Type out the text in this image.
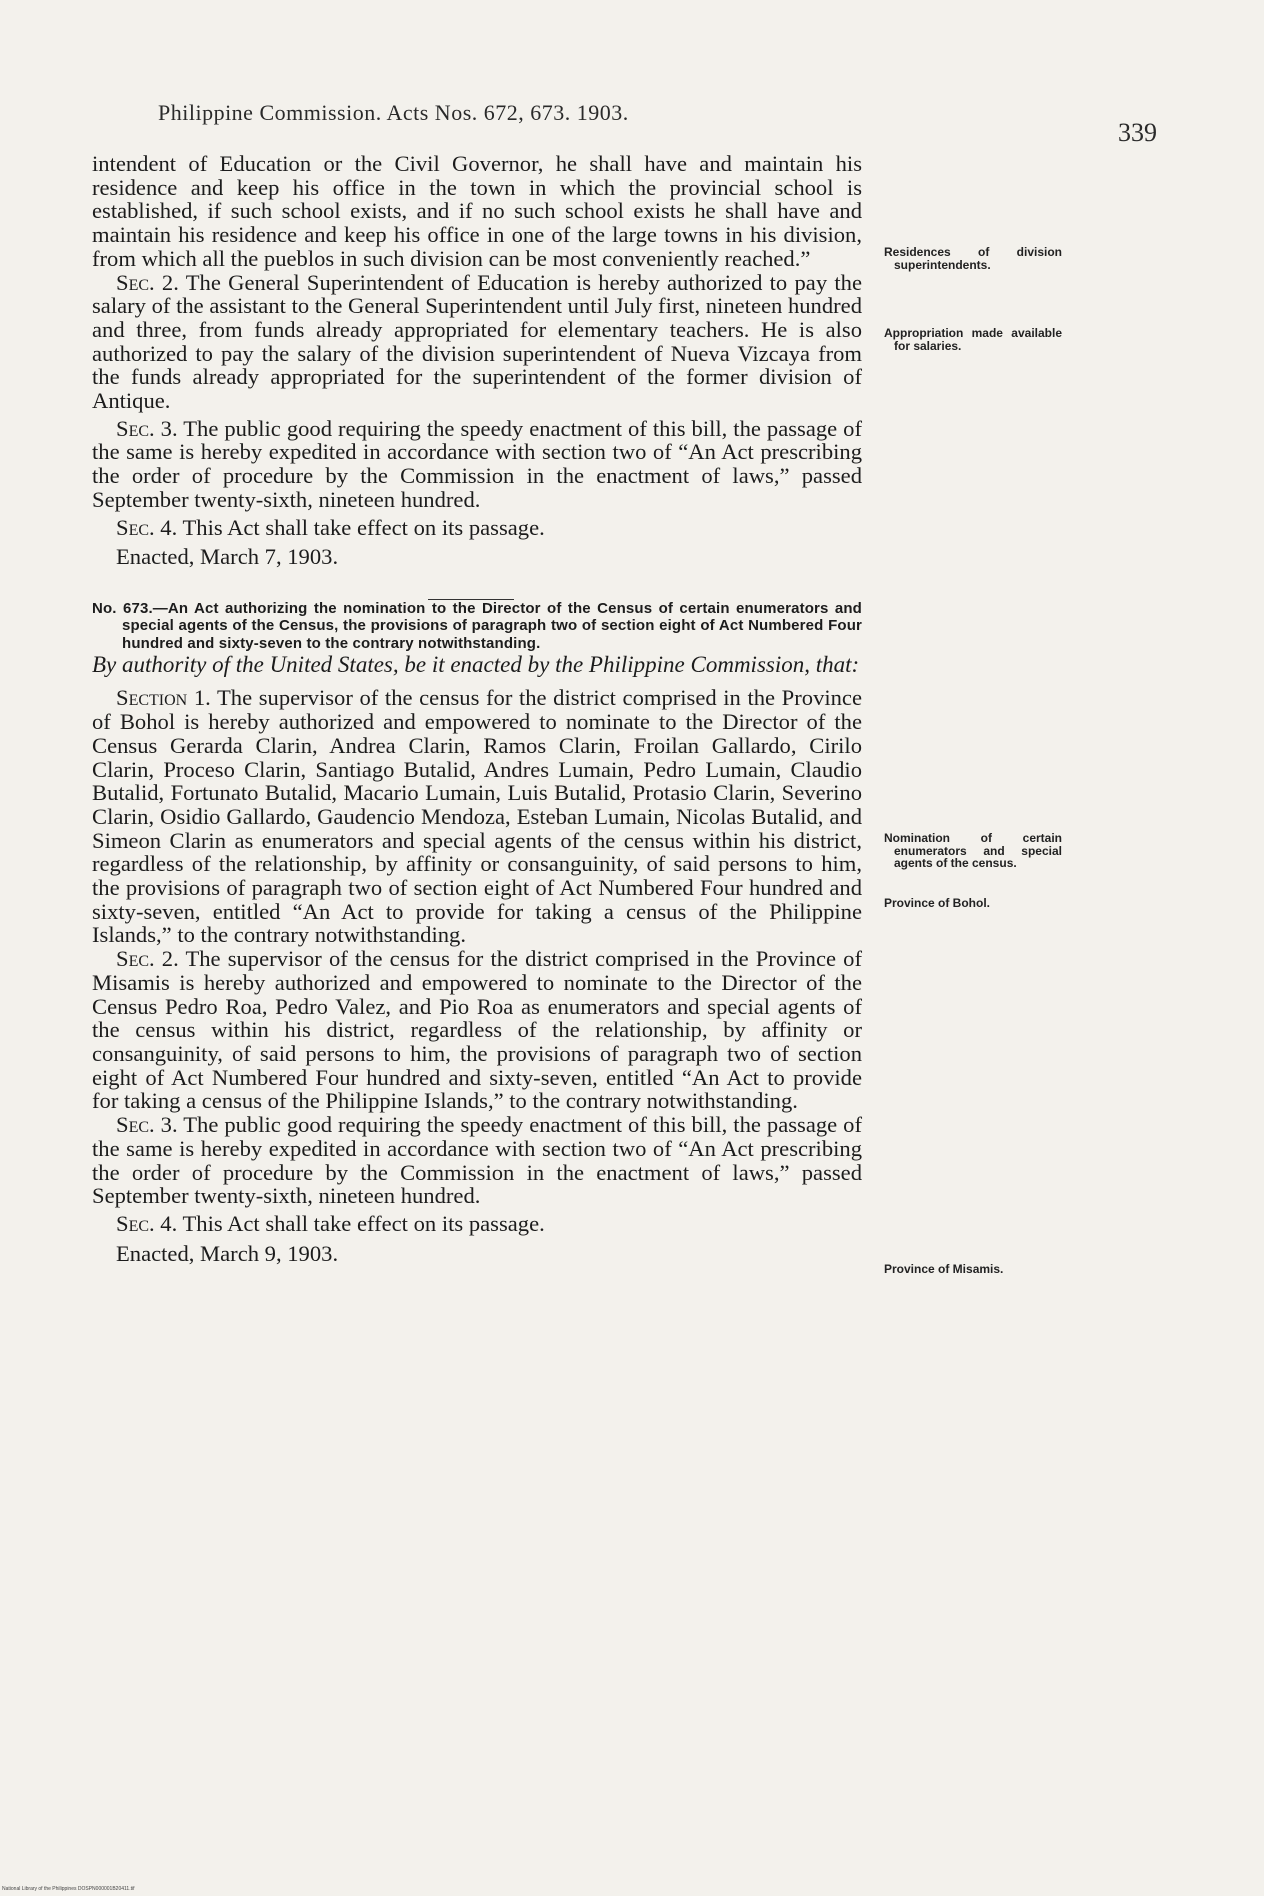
Philippine Commission. Acts Nos. 672, 673. 1903.
339

intendent of Education or the Civil Governor, he shall have and maintain his residence and keep his office in the town in which the provincial school is established, if such school exists, and if no such school exists he shall have and maintain his residence and keep his office in one of the large towns in his division, from which all the pueblos in such division can be most conveniently reached.”

Sec. 2. The General Superintendent of Education is hereby authorized to pay the salary of the assistant to the General Superintendent until July first, nineteen hundred and three, from funds already appropriated for elementary teachers. He is also authorized to pay the salary of the division superintendent of Nueva Vizcaya from the funds already appropriated for the superintendent of the former division of Antique.

Sec. 3. The public good requiring the speedy enactment of this bill, the passage of the same is hereby expedited in accordance with section two of “An Act prescribing the order of procedure by the Commission in the enactment of laws,” passed September twenty-sixth, nineteen hundred.

Sec. 4. This Act shall take effect on its passage.

Enacted, March 7, 1903.

No. 673.—An Act authorizing the nomination to the Director of the Census of certain enumerators and special agents of the Census, the provisions of paragraph two of section eight of Act Numbered Four hundred and sixty-seven to the contrary notwithstanding.

By authority of the United States, be it enacted by the Philippine Commission, that:

Section 1. The supervisor of the census for the district comprised in the Province of Bohol is hereby authorized and empowered to nominate to the Director of the Census Gerarda Clarin, Andrea Clarin, Ramos Clarin, Froilan Gallardo, Cirilo Clarin, Proceso Clarin, Santiago Butalid, Andres Lumain, Pedro Lumain, Claudio Butalid, Fortunato Butalid, Macario Lumain, Luis Butalid, Protasio Clarin, Severino Clarin, Osidio Gallardo, Gaudencio Mendoza, Esteban Lumain, Nicolas Butalid, and Simeon Clarin as enumerators and special agents of the census within his district, regardless of the relationship, by affinity or consanguinity, of said persons to him, the provisions of paragraph two of section eight of Act Numbered Four hundred and sixty-seven, entitled “An Act to provide for taking a census of the Philippine Islands,” to the contrary notwithstanding.

Sec. 2. The supervisor of the census for the district comprised in the Province of Misamis is hereby authorized and empowered to nominate to the Director of the Census Pedro Roa, Pedro Valez, and Pio Roa as enumerators and special agents of the census within his district, regardless of the relationship, by affinity or consanguinity, of said persons to him, the provisions of paragraph two of section eight of Act Numbered Four hundred and sixty-seven, entitled “An Act to provide for taking a census of the Philippine Islands,” to the contrary notwithstanding.

Sec. 3. The public good requiring the speedy enactment of this bill, the passage of the same is hereby expedited in accordance with section two of “An Act prescribing the order of procedure by the Commission in the enactment of laws,” passed September twenty-sixth, nineteen hundred.

Sec. 4. This Act shall take effect on its passage.

Enacted, March 9, 1903.

Residences of division superintendents.
Appropriation made available for salaries.
Nomination of certain enumerators and special agents of the census.
Province of Bohol.
Province of Misamis.
National Library of the Philippines DOSPN000001B20411.tif
